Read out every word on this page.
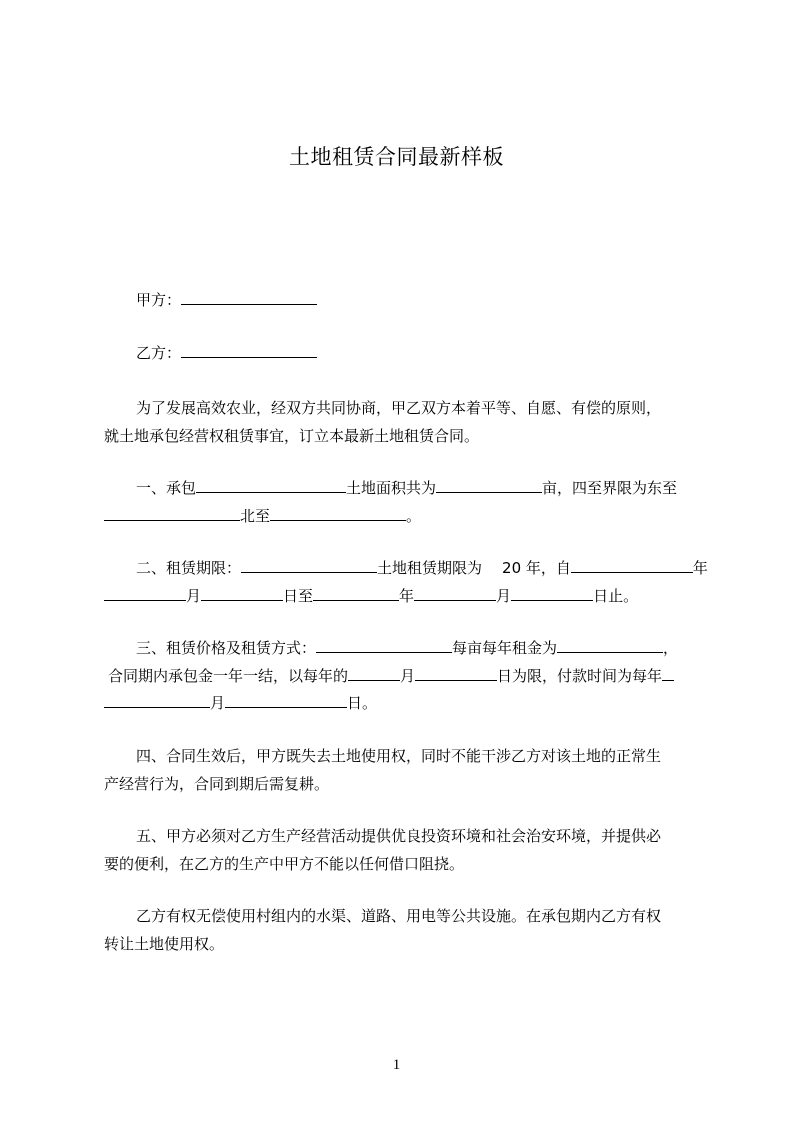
土地租赁合同最新样板
甲方：
乙方：
为了发展高效农业，经双方共同协商，甲乙双方本着平等、自愿、有偿的原则，
就土地承包经营权租赁事宜，订立本最新土地租赁合同。
一、承包	土地面积共为	亩，四至界限为东至
北至	。
二、租赁期限：	土地租赁期限为 20 年，自	年
月	日至	年	月	日止。
三、租赁价格及租赁方式：	每亩每年租金为	，
合同期内承包金一年一结，以每年的	月	日为限，付款时间为每年
月	日。
四、合同生效后，甲方既失去土地使用权，同时不能干涉乙方对该土地的正常生
产经营行为，合同到期后需复耕。
五、甲方必须对乙方生产经营活动提供优良投资环境和社会治安环境，并提供必
要的便利，在乙方的生产中甲方不能以任何借口阻挠。
乙方有权无偿使用村组内的水渠、道路、用电等公共设施。在承包期内乙方有权
转让土地使用权。
1
